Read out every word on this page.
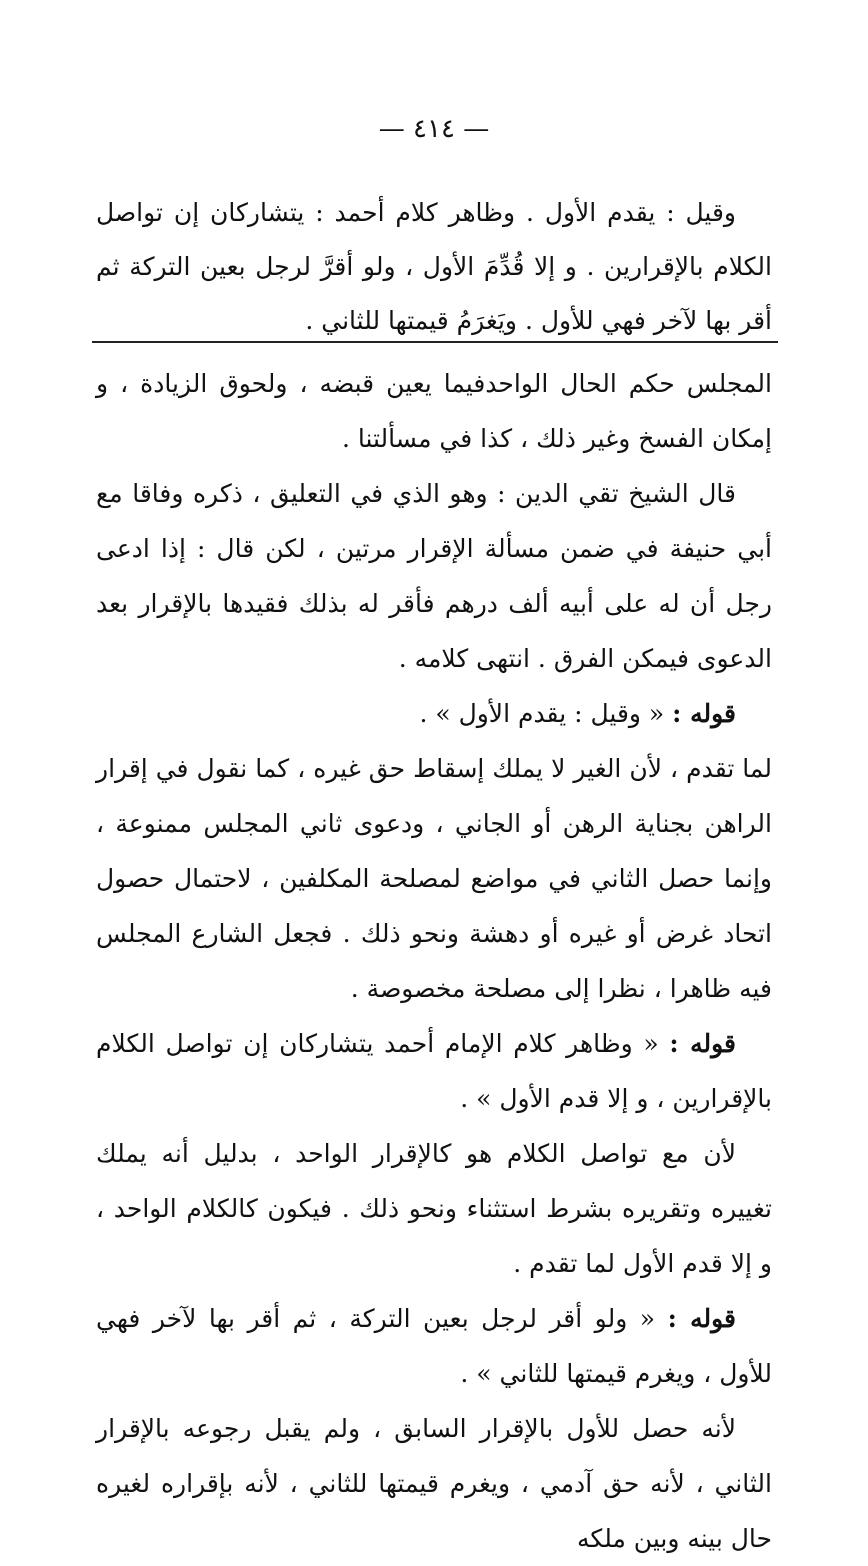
— ٤١٤ —

وقيل : يقدم الأول . وظاهر كلام أحمد : يتشاركان إن تواصل الكلام بالإقرارين . و إلا قُدِّمَ الأول ، ولو أقرَّ لرجل بعين التركة ثم أقر بها لآخر فهي للأول . ويَغرَمُ قيمتها للثاني .

المجلس حكم الحال الواحدفيما يعين قبضه ، ولحوق الزيادة ، و إمكان الفسخ وغير ذلك ، كذا في مسألتنا .

قال الشيخ تقي الدين : وهو الذي في التعليق ، ذكره وفاقا مع أبي حنيفة في ضمن مسألة الإقرار مرتين ، لكن قال : إذا ادعى رجل أن له على أبيه ألف درهم فأقر له بذلك فقيدها بالإقرار بعد الدعوى فيمكن الفرق . انتهى كلامه .

قوله : « وقيل : يقدم الأول » .

لما تقدم ، لأن الغير لا يملك إسقاط حق غيره ، كما نقول في إقرار الراهن بجناية الرهن أو الجاني ، ودعوى ثاني المجلس ممنوعة ، وإنما حصل الثاني في مواضع لمصلحة المكلفين ، لاحتمال حصول اتحاد غرض أو غيره أو دهشة ونحو ذلك . فجعل الشارع المجلس فيه ظاهرا ، نظرا إلى مصلحة مخصوصة .

قوله : « وظاهر كلام الإمام أحمد يتشاركان إن تواصل الكلام بالإقرارين ، و إلا قدم الأول » .

لأن مع تواصل الكلام هو كالإقرار الواحد ، بدليل أنه يملك تغييره وتقريره بشرط استثناء ونحو ذلك . فيكون كالكلام الواحد ، و إلا قدم الأول لما تقدم .

قوله : « ولو أقر لرجل بعين التركة ، ثم أقر بها لآخر فهي للأول ، ويغرم قيمتها للثاني » .

لأنه حصل للأول بالإقرار السابق ، ولم يقبل رجوعه بالإقرار الثاني ، لأنه حق آدمي ، ويغرم قيمتها للثاني ، لأنه بإقراره لغيره حال بينه وبين ملكه
